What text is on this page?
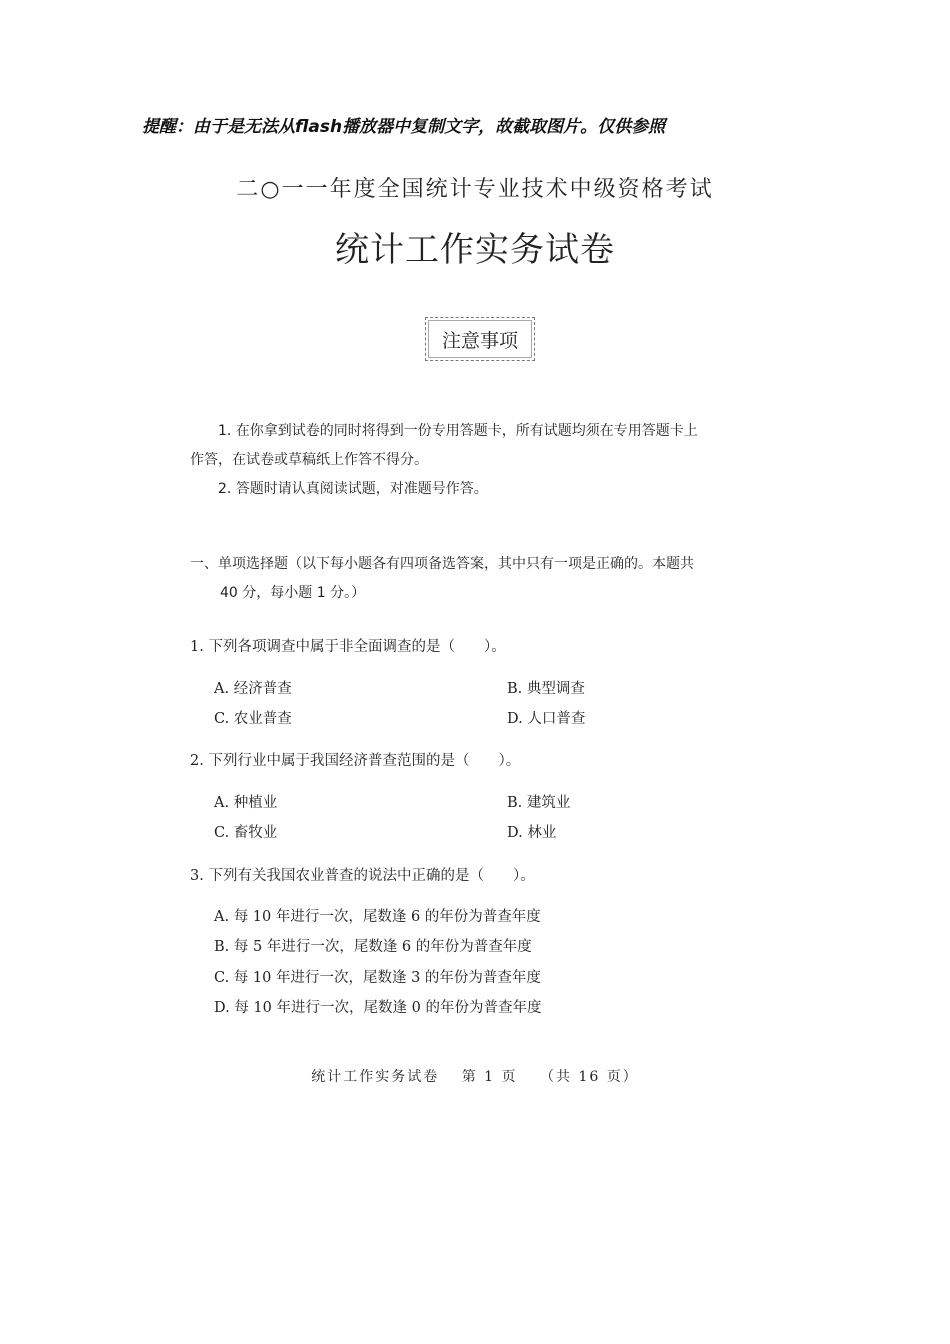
提醒：由于是无法从flash播放器中复制文字，故截取图片。仅供参照
二○一一年度全国统计专业技术中级资格考试
统计工作实务试卷
注意事项
1. 在你拿到试卷的同时将得到一份专用答题卡，所有试题均须在专用答题卡上
作答，在试卷或草稿纸上作答不得分。
2. 答题时请认真阅读试题，对准题号作答。
一、单项选择题（以下每小题各有四项备选答案，其中只有一项是正确的。本题共
40 分，每小题 1 分。）
1. 下列各项调查中属于非全面调查的是（　　）。
A. 经济普查	B. 典型调查
C. 农业普查	D. 人口普查
2. 下列行业中属于我国经济普查范围的是（　　）。
A. 种植业	B. 建筑业
C. 畜牧业	D. 林业
3. 下列有关我国农业普查的说法中正确的是（　　）。
A. 每 10 年进行一次，尾数逢 6 的年份为普查年度
B. 每 5 年进行一次，尾数逢 6 的年份为普查年度
C. 每 10 年进行一次，尾数逢 3 的年份为普查年度
D. 每 10 年进行一次，尾数逢 0 的年份为普查年度
统计工作实务试卷 第 1 页 （共 16 页）
